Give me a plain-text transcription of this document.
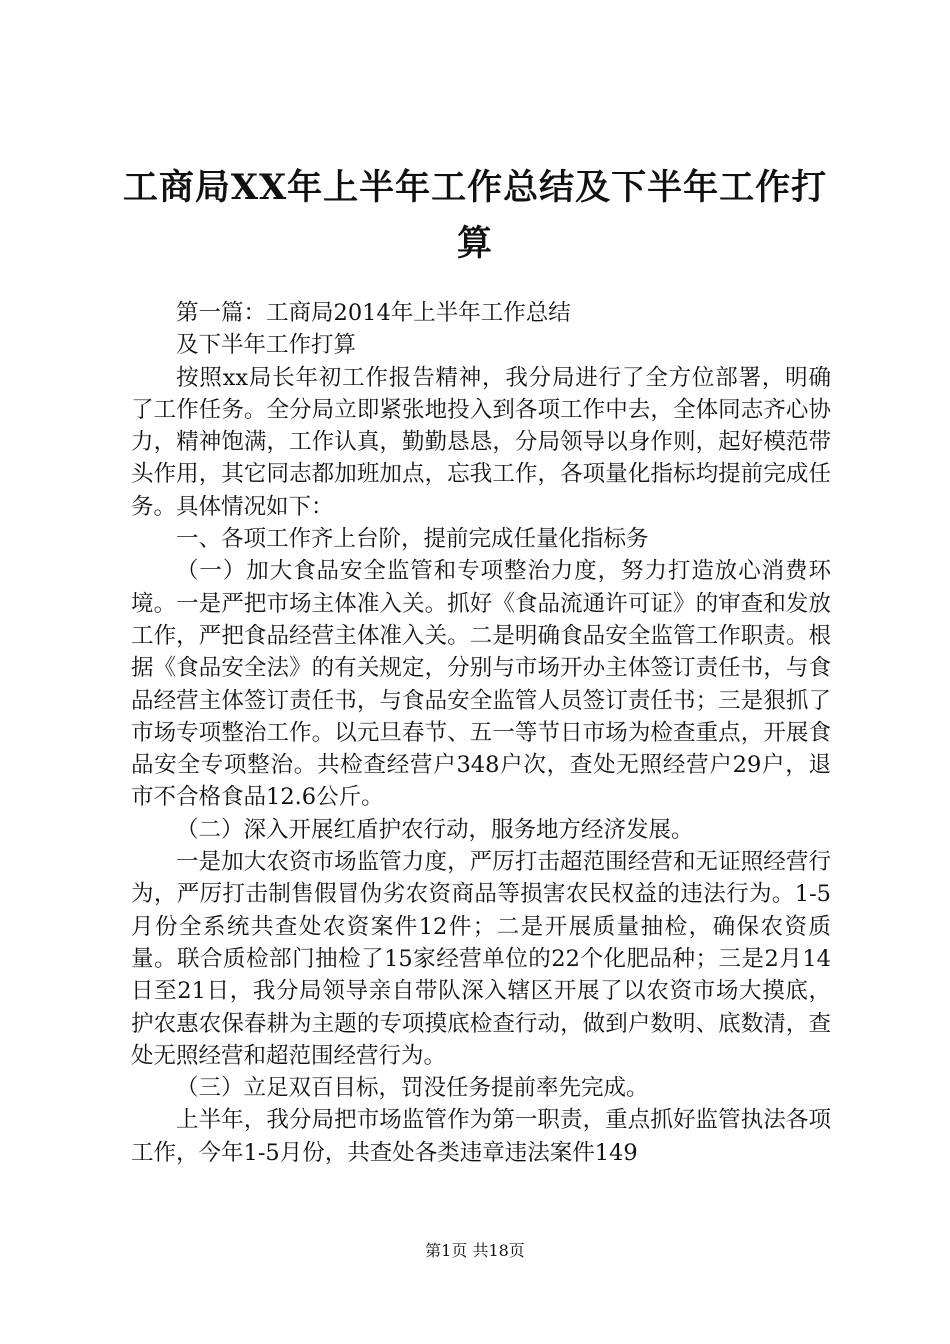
工商局XX年上半年工作总结及下半年工作打算

第一篇：工商局2014年上半年工作总结

及下半年工作打算

按照xx局长年初工作报告精神，我分局进行了全方位部署，明确了工作任务。全分局立即紧张地投入到各项工作中去，全体同志齐心协力，精神饱满，工作认真，勤勤恳恳，分局领导以身作则，起好模范带头作用，其它同志都加班加点，忘我工作，各项量化指标均提前完成任务。具体情况如下：

一、各项工作齐上台阶，提前完成任量化指标务

（一）加大食品安全监管和专项整治力度，努力打造放心消费环境。一是严把市场主体准入关。抓好《食品流通许可证》的审查和发放工作，严把食品经营主体准入关。二是明确食品安全监管工作职责。根据《食品安全法》的有关规定，分别与市场开办主体签订责任书，与食品经营主体签订责任书，与食品安全监管人员签订责任书；三是狠抓了市场专项整治工作。以元旦春节、五一等节日市场为检查重点，开展食品安全专项整治。共检查经营户348户次，查处无照经营户29户，退市不合格食品12.6公斤。

（二）深入开展红盾护农行动，服务地方经济发展。

一是加大农资市场监管力度，严厉打击超范围经营和无证照经营行为，严厉打击制售假冒伪劣农资商品等损害农民权益的违法行为。1-5月份全系统共查处农资案件12件；二是开展质量抽检，确保农资质量。联合质检部门抽检了15家经营单位的22个化肥品种；三是2月14日至21日，我分局领导亲自带队深入辖区开展了以农资市场大摸底，护农惠农保春耕为主题的专项摸底检查行动，做到户数明、底数清，查处无照经营和超范围经营行为。

（三）立足双百目标，罚没任务提前率先完成。

上半年，我分局把市场监管作为第一职责，重点抓好监管执法各项工作，今年1-5月份，共查处各类违章违法案件149

第1页 共18页
